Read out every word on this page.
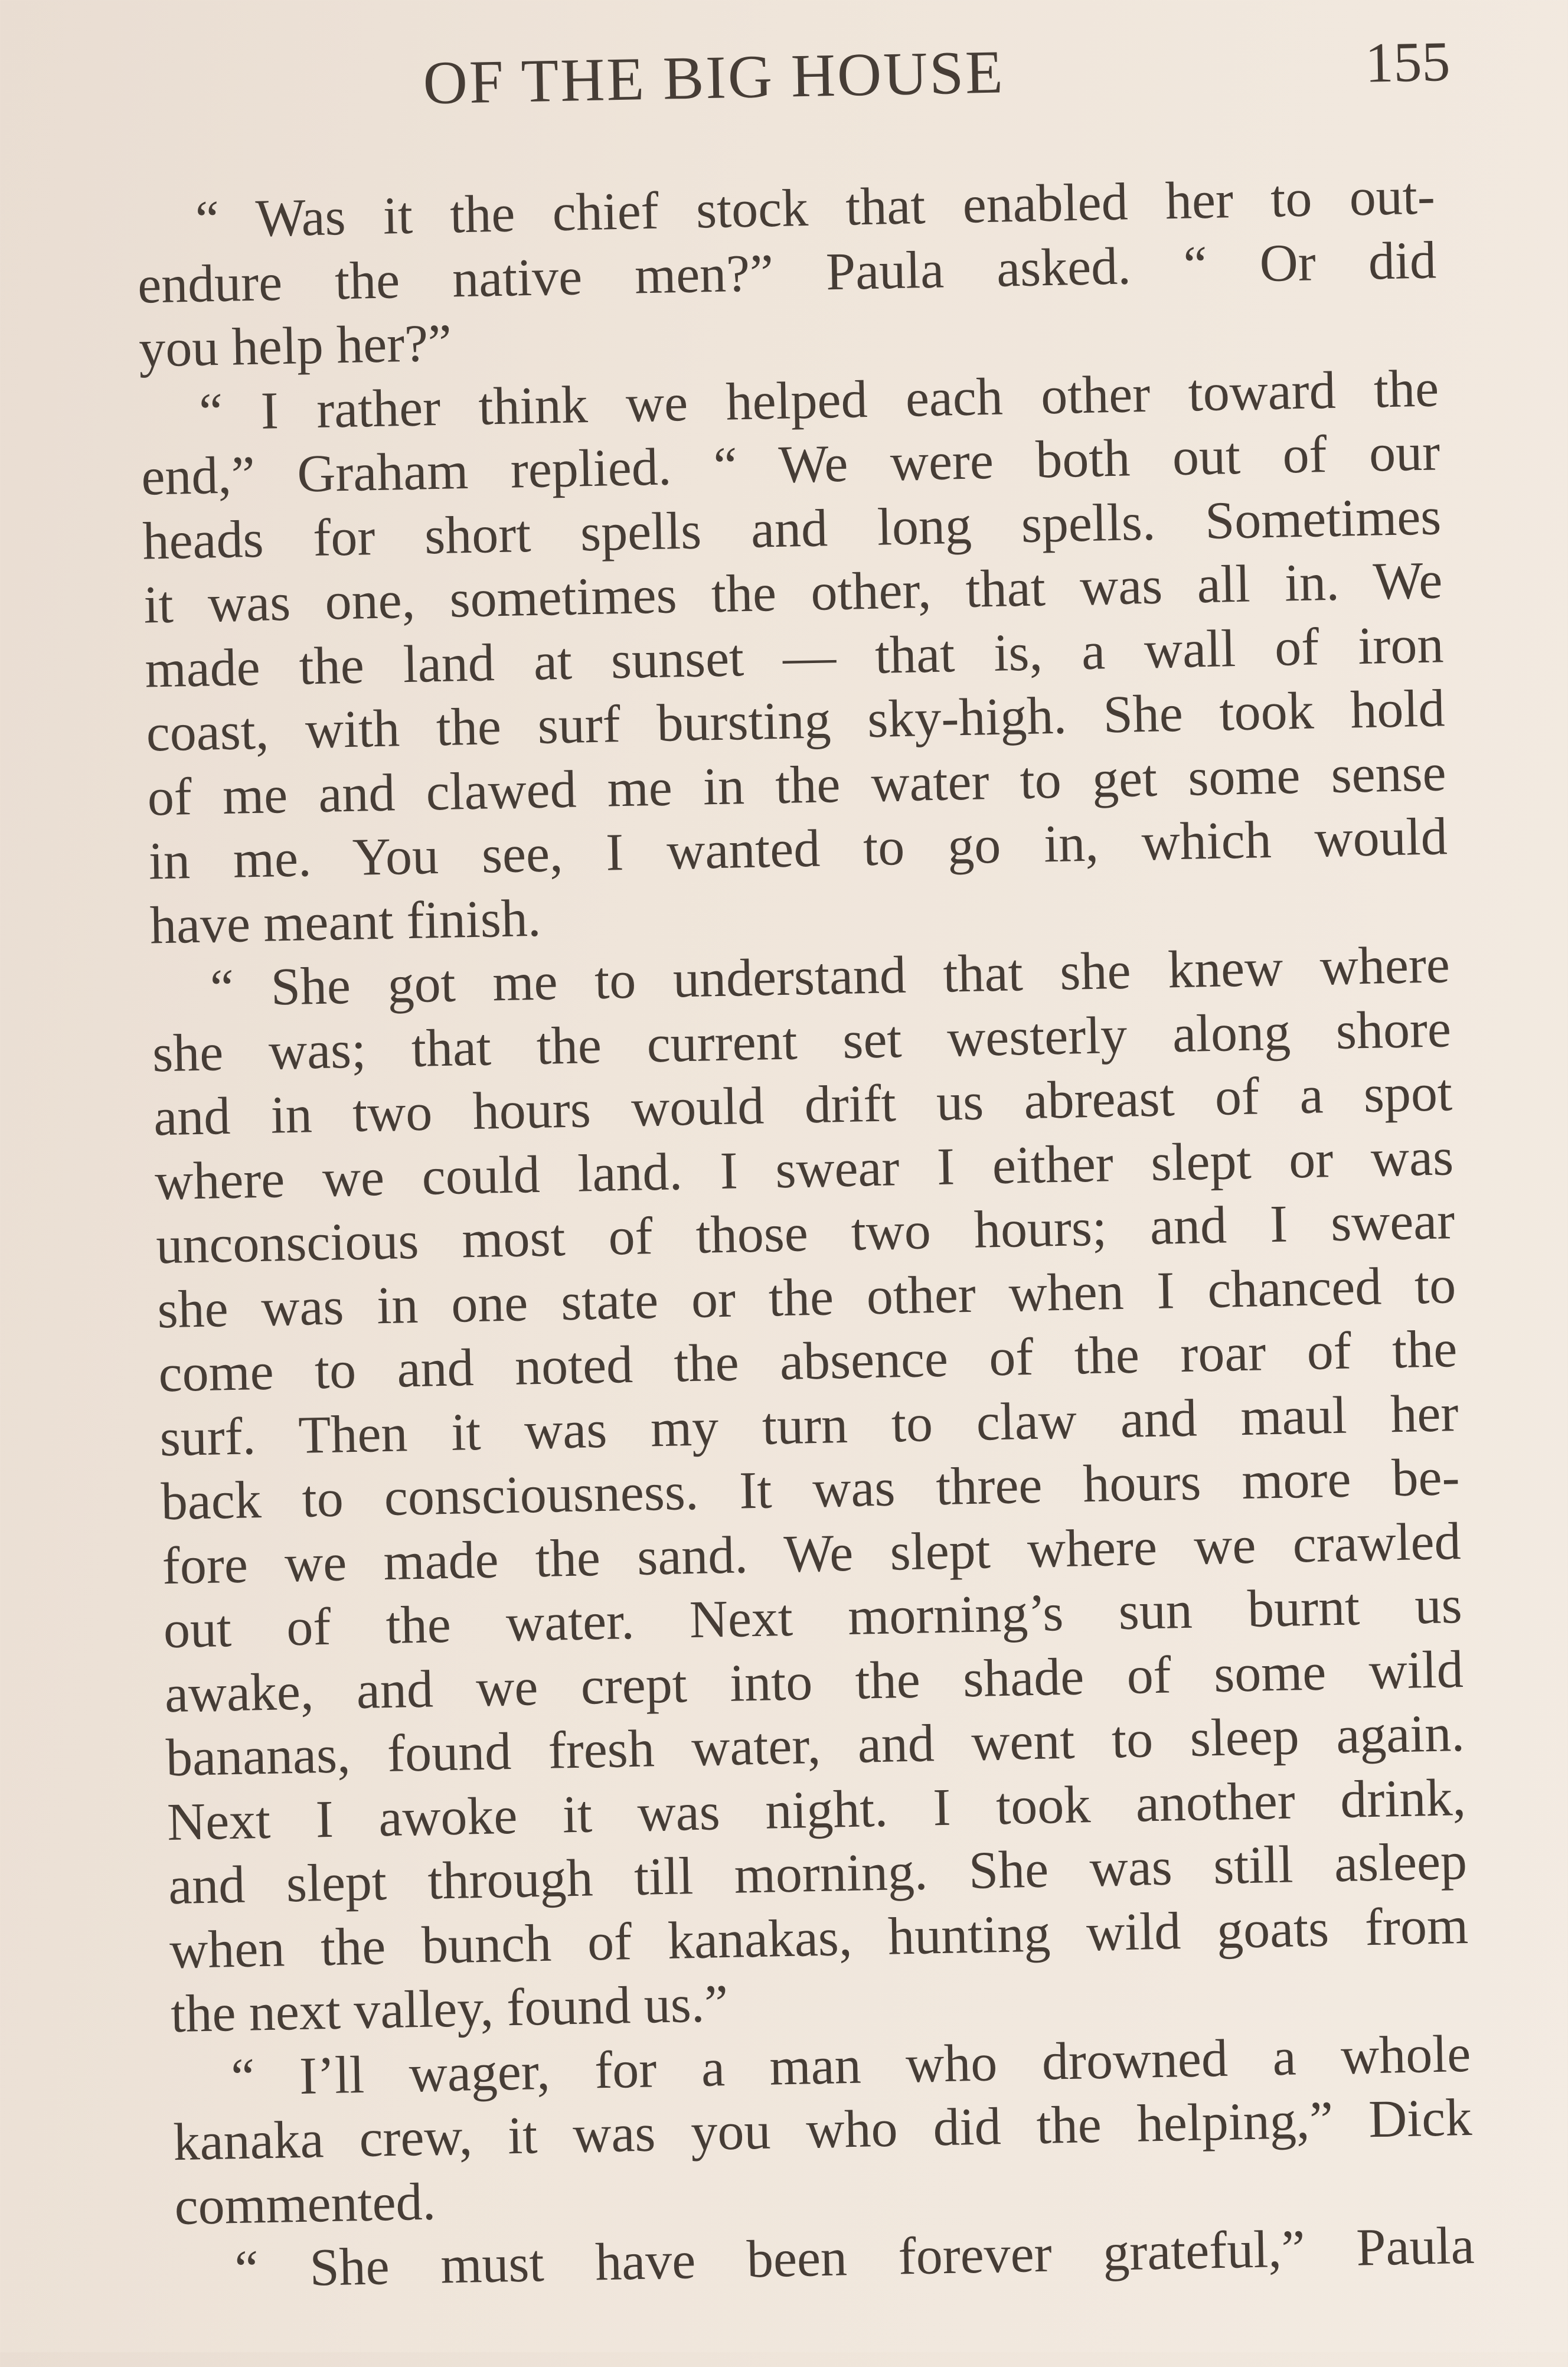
OF THE BIG HOUSE	155
“ Was it the chief stock that enabled her to out-
endure the native men?” Paula asked. “ Or did
you help her?”
“ I rather think we helped each other toward the
end,” Graham replied. “ We were both out of our
heads for short spells and long spells. Sometimes
it was one, sometimes the other, that was all in. We
made the land at sunset — that is, a wall of iron
coast, with the surf bursting sky-high. She took hold
of me and clawed me in the water to get some sense
in me. You see, I wanted to go in, which would
have meant finish.
“ She got me to understand that she knew where
she was; that the current set westerly along shore
and in two hours would drift us abreast of a spot
where we could land. I swear I either slept or was
unconscious most of those two hours; and I swear
she was in one state or the other when I chanced to
come to and noted the absence of the roar of the
surf. Then it was my turn to claw and maul her
back to consciousness. It was three hours more be-
fore we made the sand. We slept where we crawled
out of the water. Next morning’s sun burnt us
awake, and we crept into the shade of some wild
bananas, found fresh water, and went to sleep again.
Next I awoke it was night. I took another drink,
and slept through till morning. She was still asleep
when the bunch of kanakas, hunting wild goats from
the next valley, found us.”
“ I’ll wager, for a man who drowned a whole
kanaka crew, it was you who did the helping,” Dick
commented.
“ She must have been forever grateful,” Paula
